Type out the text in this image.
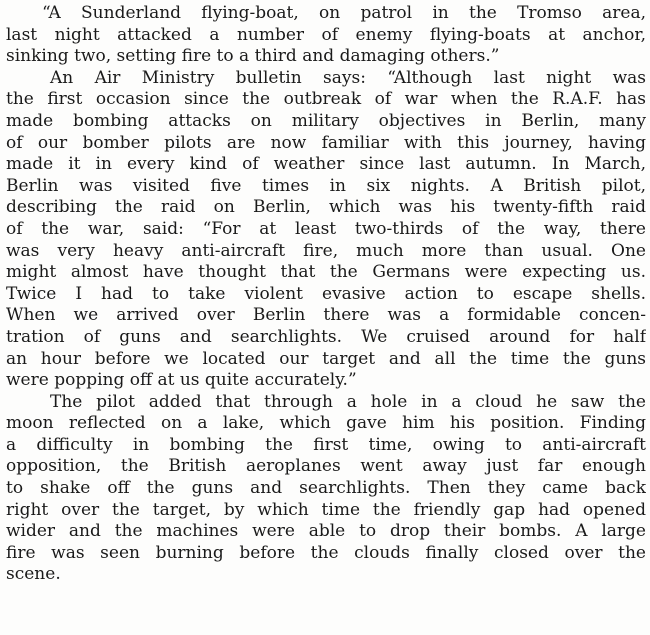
“A Sunderland flying-boat, on patrol in the Tromso area,
last night attacked a number of enemy flying-boats at anchor,
sinking two, setting fire to a third and damaging others.”
An Air Ministry bulletin says: “Although last night was
the first occasion since the outbreak of war when the R.A.F. has
made bombing attacks on military objectives in Berlin, many
of our bomber pilots are now familiar with this journey, having
made it in every kind of weather since last autumn. In March,
Berlin was visited five times in six nights. A British pilot,
describing the raid on Berlin, which was his twenty-fifth raid
of the war, said: “For at least two-thirds of the way, there
was very heavy anti-aircraft fire, much more than usual. One
might almost have thought that the Germans were expecting us.
Twice I had to take violent evasive action to escape shells.
When we arrived over Berlin there was a formidable concen-
tration of guns and searchlights. We cruised around for half
an hour before we located our target and all the time the guns
were popping off at us quite accurately.”
The pilot added that through a hole in a cloud he saw the
moon reflected on a lake, which gave him his position. Finding
a difficulty in bombing the first time, owing to anti-aircraft
opposition, the British aeroplanes went away just far enough
to shake off the guns and searchlights. Then they came back
right over the target, by which time the friendly gap had opened
wider and the machines were able to drop their bombs. A large
fire was seen burning before the clouds finally closed over the
scene.
